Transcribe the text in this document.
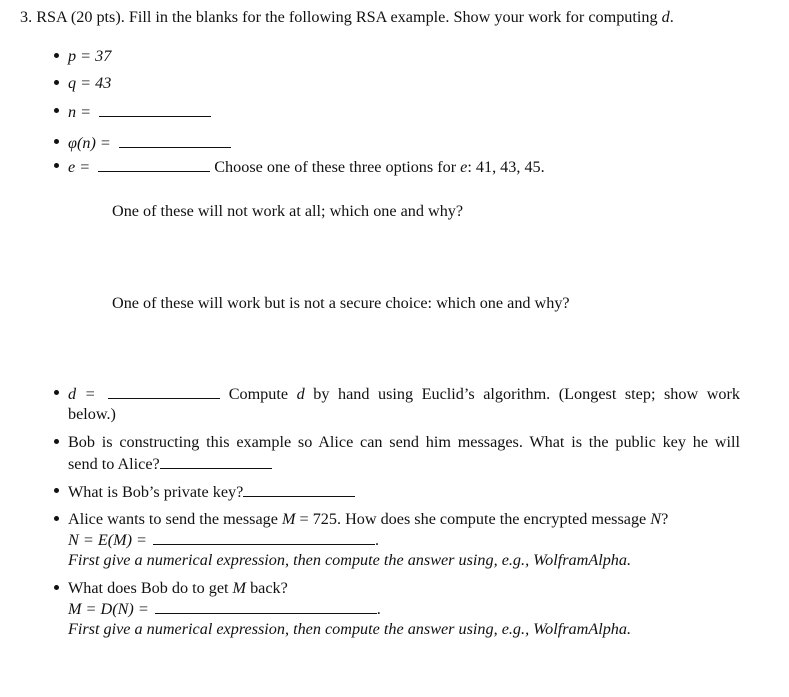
3. RSA (20 pts). Fill in the blanks for the following RSA example. Show your work for computing d.
p = 37
q = 43
n =
φ(n) =
e =	Choose one of these three options for e: 41, 43, 45.
One of these will not work at all; which one and why?
One of these will work but is not a secure choice: which one and why?
d =	Compute d by hand using Euclid’s algorithm. (Longest step; show work
below.)
Bob is constructing this example so Alice can send him messages. What is the public key he will
send to Alice?
What is Bob’s private key?
Alice wants to send the message M = 725. How does she compute the encrypted message N?
N = E(M) =	.
First give a numerical expression, then compute the answer using, e.g., WolframAlpha.
What does Bob do to get M back?
M = D(N) =	.
First give a numerical expression, then compute the answer using, e.g., WolframAlpha.
